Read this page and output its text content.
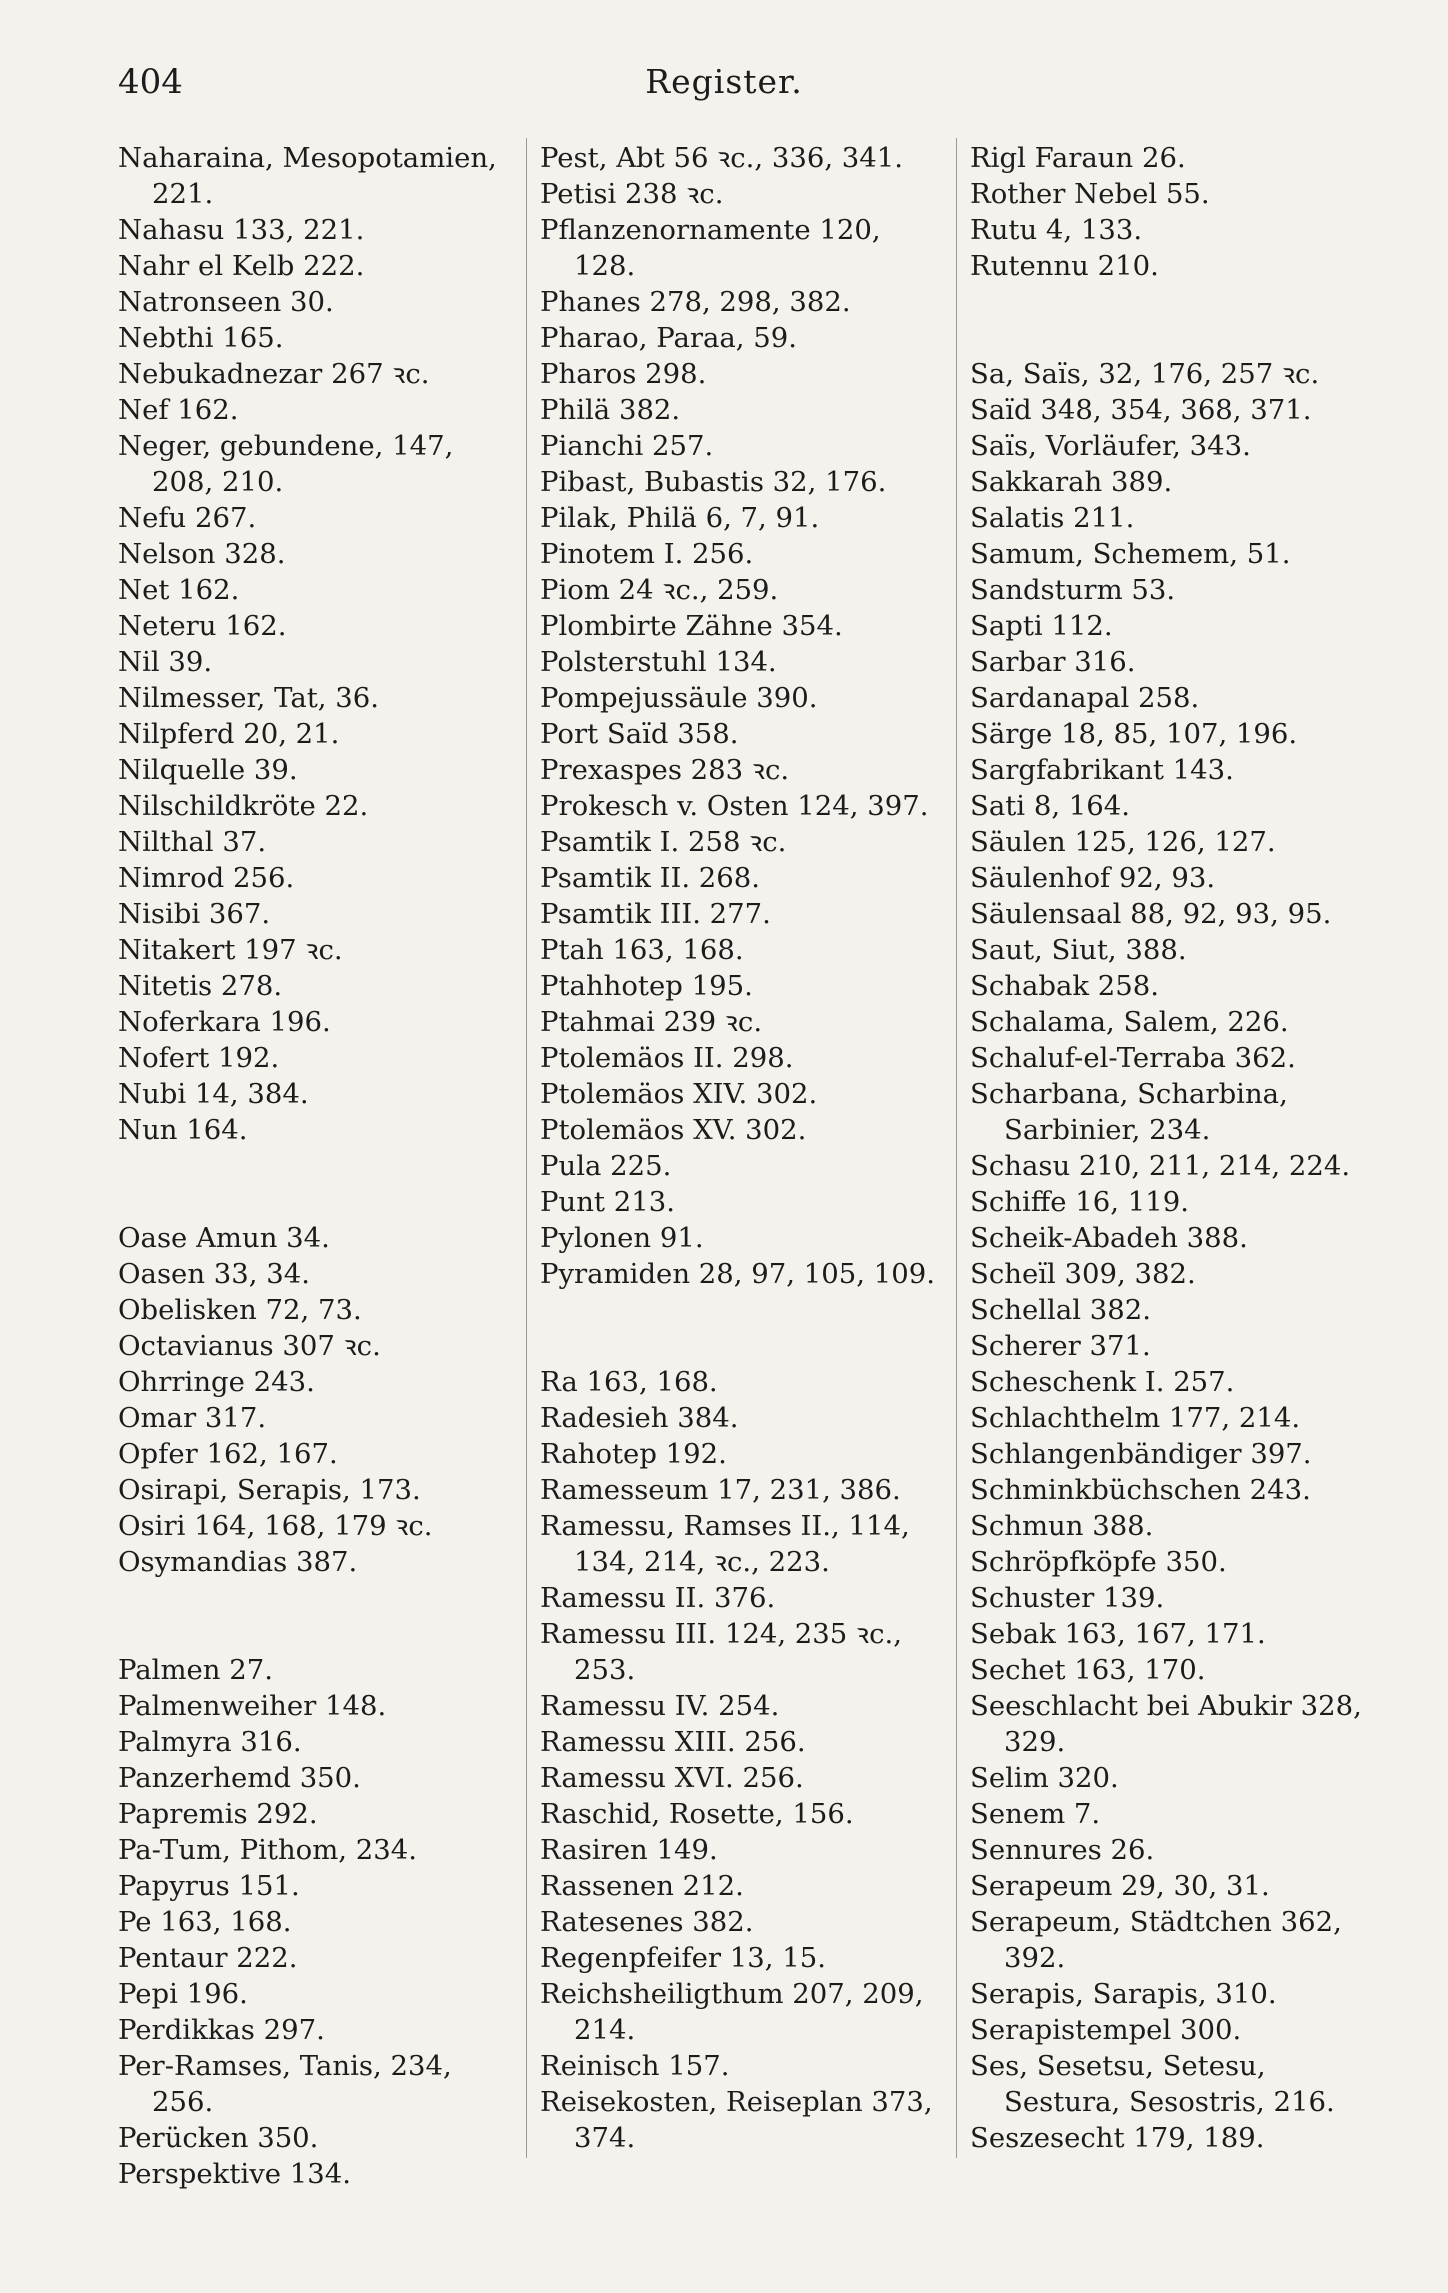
404	Register.
Naharaina, Mesopotamien, 221.
Nahasu 133, 221.
Nahr el Kelb 222.
Natronseen 30.
Nebthi 165.
Nebukadnezar 267 ꝛc.
Nef 162.
Neger, gebundene, 147, 208, 210.
Nefu 267.
Nelson 328.
Net 162.
Neteru 162.
Nil 39.
Nilmesser, Tat, 36.
Nilpferd 20, 21.
Nilquelle 39.
Nilschildkröte 22.
Nilthal 37.
Nimrod 256.
Nisibi 367.
Nitakert 197 ꝛc.
Nitetis 278.
Noferkara 196.
Nofert 192.
Nubi 14, 384.
Nun 164.
Oase Amun 34.
Oasen 33, 34.
Obelisken 72, 73.
Octavianus 307 ꝛc.
Ohrringe 243.
Omar 317.
Opfer 162, 167.
Osirapi, Serapis, 173.
Osiri 164, 168, 179 ꝛc.
Osymandias 387.
Palmen 27.
Palmenweiher 148.
Palmyra 316.
Panzerhemd 350.
Papremis 292.
Pa-Tum, Pithom, 234.
Papyrus 151.
Pe 163, 168.
Pentaur 222.
Pepi 196.
Perdikkas 297.
Per-Ramses, Tanis, 234, 256.
Perücken 350.
Perspektive 134.
Pest, Abt 56 ꝛc., 336, 341.
Petisi 238 ꝛc.
Pflanzenornamente 120, 128.
Phanes 278, 298, 382.
Pharao, Paraa, 59.
Pharos 298.
Philä 382.
Pianchi 257.
Pibast, Bubastis 32, 176.
Pilak, Philä 6, 7, 91.
Pinotem I. 256.
Piom 24 ꝛc., 259.
Plombirte Zähne 354.
Polsterstuhl 134.
Pompejussäule 390.
Port Saïd 358.
Prexaspes 283 ꝛc.
Prokesch v. Osten 124, 397.
Psamtik I. 258 ꝛc.
Psamtik II. 268.
Psamtik III. 277.
Ptah 163, 168.
Ptahhotep 195.
Ptahmai 239 ꝛc.
Ptolemäos II. 298.
Ptolemäos XIV. 302.
Ptolemäos XV. 302.
Pula 225.
Punt 213.
Pylonen 91.
Pyramiden 28, 97, 105, 109.
Ra 163, 168.
Radesieh 384.
Rahotep 192.
Ramesseum 17, 231, 386.
Ramessu, Ramses II., 114, 134, 214, ꝛc., 223.
Ramessu II. 376.
Ramessu III. 124, 235 ꝛc., 253.
Ramessu IV. 254.
Ramessu XIII. 256.
Ramessu XVI. 256.
Raschid, Rosette, 156.
Rasiren 149.
Rassenen 212.
Ratesenes 382.
Regenpfeifer 13, 15.
Reichsheiligthum 207, 209, 214.
Reinisch 157.
Reisekosten, Reiseplan 373, 374.
Rigl Faraun 26.
Rother Nebel 55.
Rutu 4, 133.
Rutennu 210.
Sa, Saïs, 32, 176, 257 ꝛc.
Saïd 348, 354, 368, 371.
Saïs, Vorläufer, 343.
Sakkarah 389.
Salatis 211.
Samum, Schemem, 51.
Sandsturm 53.
Sapti 112.
Sarbar 316.
Sardanapal 258.
Särge 18, 85, 107, 196.
Sargfabrikant 143.
Sati 8, 164.
Säulen 125, 126, 127.
Säulenhof 92, 93.
Säulensaal 88, 92, 93, 95.
Saut, Siut, 388.
Schabak 258.
Schalama, Salem, 226.
Schaluf-el-Terraba 362.
Scharbana, Scharbina, Sarbinier, 234.
Schasu 210, 211, 214, 224.
Schiffe 16, 119.
Scheik-Abadeh 388.
Scheïl 309, 382.
Schellal 382.
Scherer 371.
Scheschenk I. 257.
Schlachthelm 177, 214.
Schlangenbändiger 397.
Schminkbüchschen 243.
Schmun 388.
Schröpfköpfe 350.
Schuster 139.
Sebak 163, 167, 171.
Sechet 163, 170.
Seeschlacht bei Abukir 328, 329.
Selim 320.
Senem 7.
Sennures 26.
Serapeum 29, 30, 31.
Serapeum, Städtchen 362, 392.
Serapis, Sarapis, 310.
Serapistempel 300.
Ses, Sesetsu, Setesu, Sestura, Sesostris, 216.
Seszesecht 179, 189.
